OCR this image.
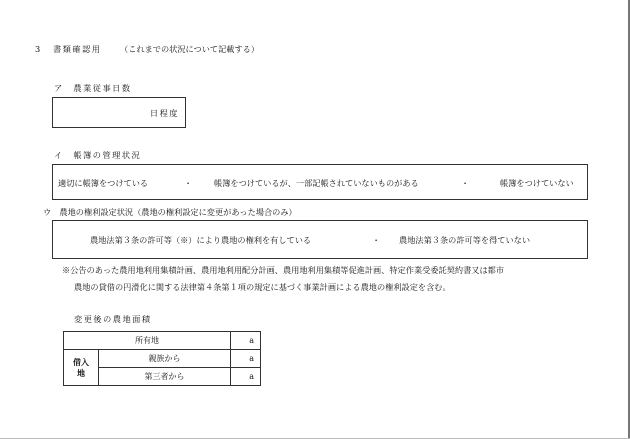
3 書類確認用 （これまでの状況について記載する）
ア　農業従事日数
日程度
イ　帳簿の管理状況
適切に帳簿をつけている	・	帳簿をつけているが、一部記帳されていないものがある	・	帳簿をつけていない
ウ　農地の権利設定状況（農地の権利設定に変更があった場合のみ）
農地法第３条の許可等（※）により農地の権利を有している	・ 農地法第３条の許可等を得ていない
※公告のあった農用地利用集積計画、農用地利用配分計画、農用地利用集積等促進計画、特定作業受委託契約書又は都市
農地の貸借の円滑化に関する法律第４条第１項の規定に基づく事業計画による農地の権利設定を含む。
変更後の農地面積
所有地		a
借入地	親族から	a
	第三者から	a
